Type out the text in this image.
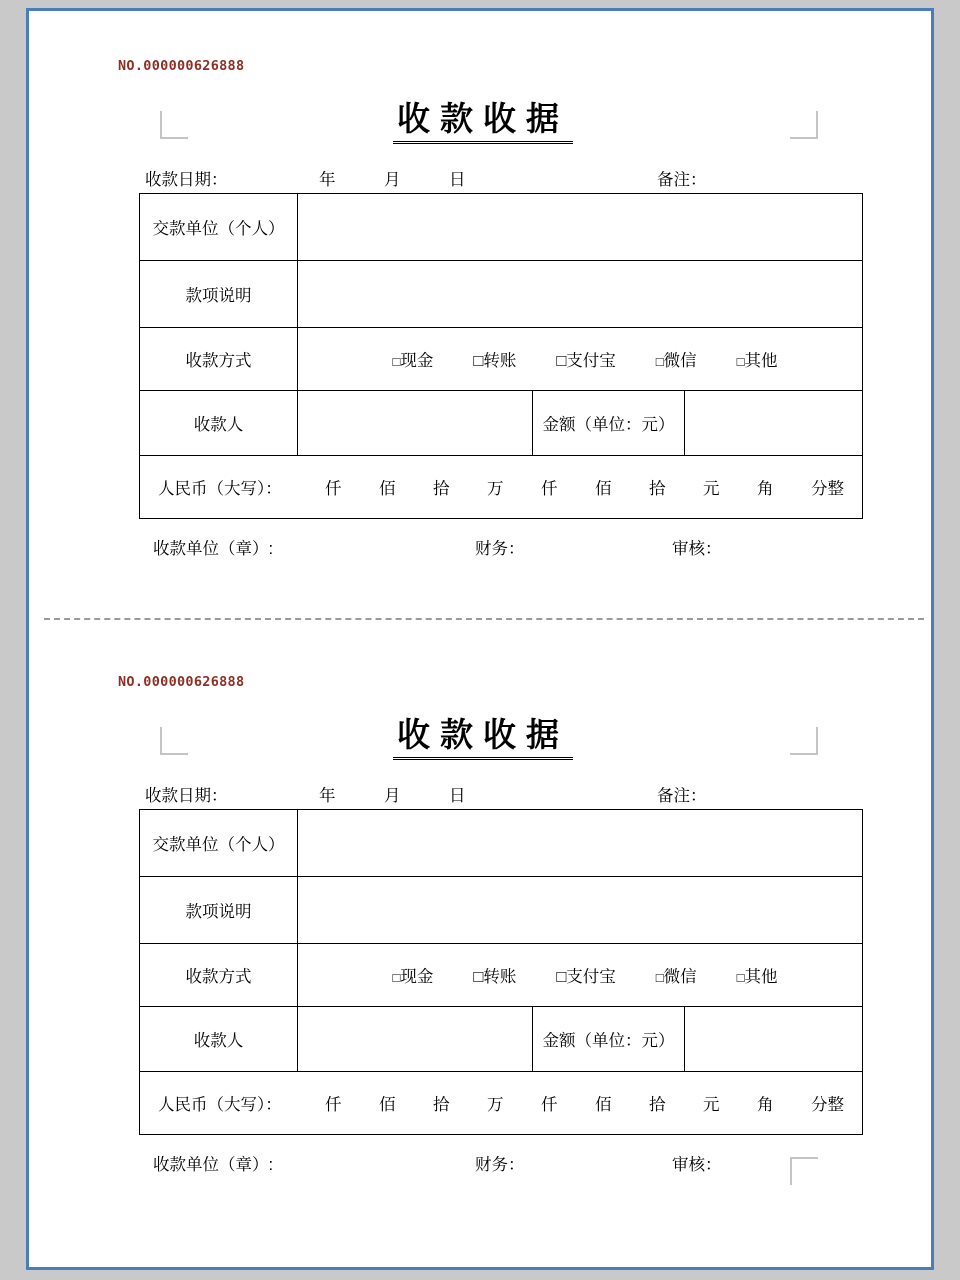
NO.000000626888
收款收据
收款日期：	年	月	日	备注：
交款单位（个人）			
款项说明			
收款方式	□现金 □转账 □支付宝 □微信 □其他		

收款人		金额（单位：元）	

人民币（大写）：	仟 佰 拾 万 仟 佰 拾 元 角 分整
收款单位（章）:	财务：	审核：
NO.000000626888
收款收据
收款日期：	年	月	日	备注：
交款单位（个人）			
款项说明			
收款方式	□现金 □转账 □支付宝 □微信 □其他		

收款人		金额（单位：元）	

人民币（大写）：	仟 佰 拾 万 仟 佰 拾 元 角 分整
收款单位（章）:	财务：	审核：
